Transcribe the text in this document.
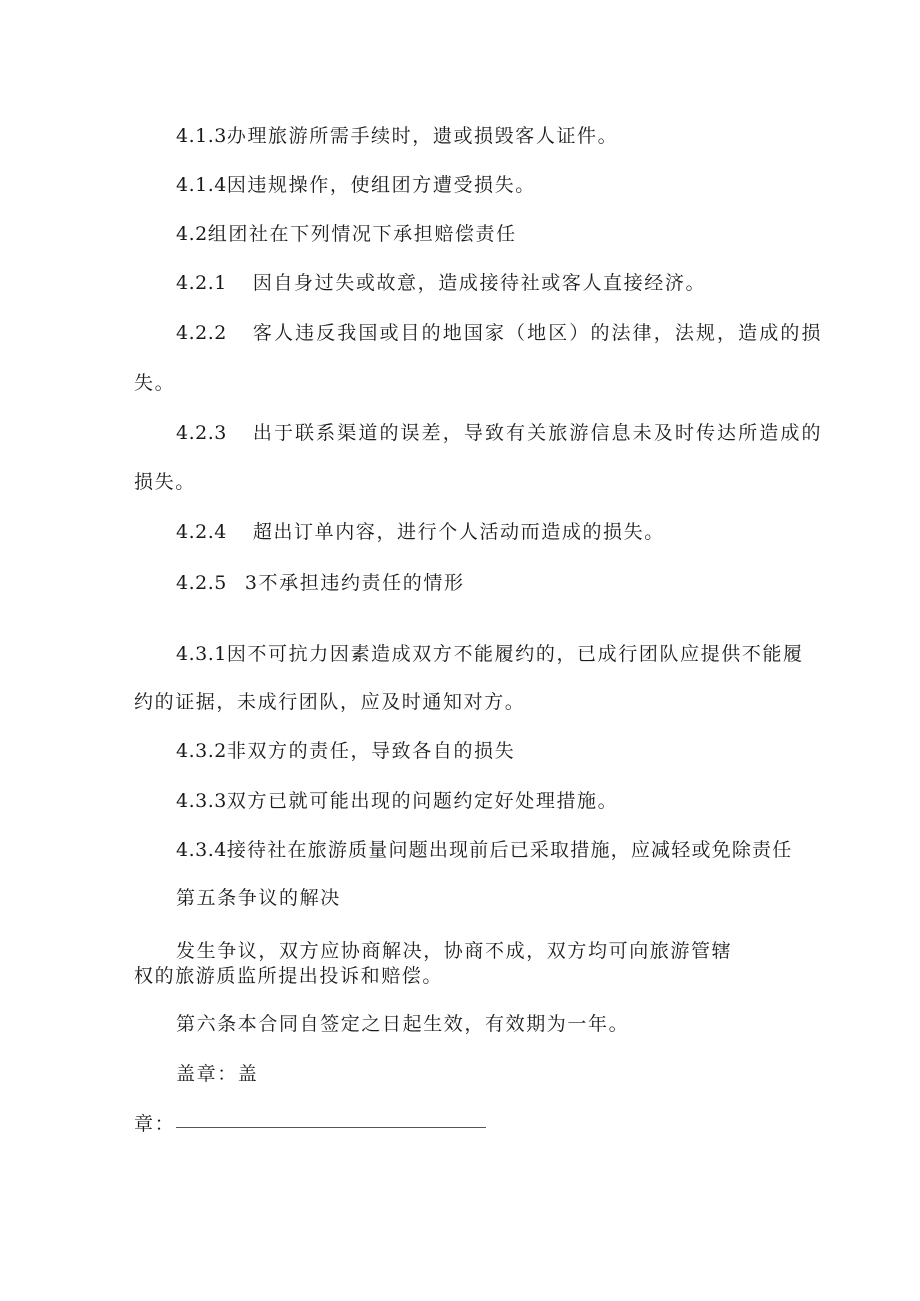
4.1.3办理旅游所需手续时，遗或损毁客人证件。
4.1.4因违规操作，使组团方遭受损失。
4.2组团社在下列情况下承担赔偿责任
4.2.1 因自身过失或故意，造成接待社或客人直接经济。
4.2.2 客人违反我国或目的地国家（地区）的法律，法规，造成的损
失。
4.2.3 出于联系渠道的误差，导致有关旅游信息未及时传达所造成的
损失。
4.2.4 超出订单内容，进行个人活动而造成的损失。
4.2.5 3不承担违约责任的情形
4.3.1因不可抗力因素造成双方不能履约的，已成行团队应提供不能履
约的证据，未成行团队，应及时通知对方。
4.3.2非双方的责任，导致各自的损失
4.3.3双方已就可能出现的问题约定好处理措施。
4.3.4接待社在旅游质量问题出现前后已采取措施，应减轻或免除责任
第五条争议的解决
发生争议，双方应协商解决，协商不成，双方均可向旅游管辖
权的旅游质监所提出投诉和赔偿。
第六条本合同自签定之日起生效，有效期为一年。
盖章：盖
章：
